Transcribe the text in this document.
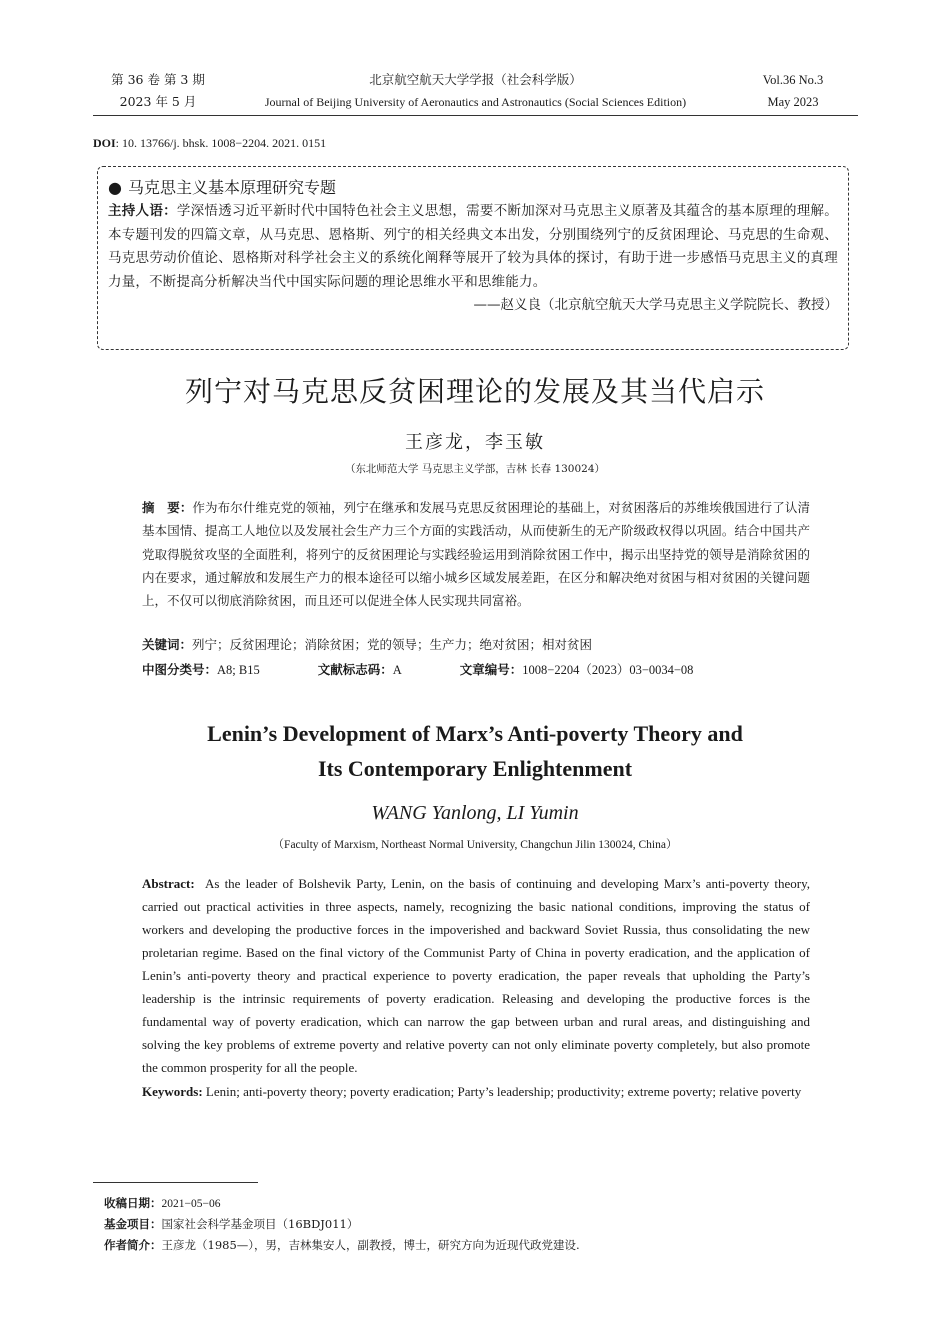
第 36 卷 第 3 期	北京航空航天大学学报（社会科学版）	Vol.36 No.3
2023 年 5 月	Journal of Beijing University of Aeronautics and Astronautics (Social Sciences Edition)	May 2023
DOI: 10. 13766/j. bhsk. 1008−2204. 2021. 0151
● 马克思主义基本原理研究专题
主持人语：学深悟透习近平新时代中国特色社会主义思想，需要不断加深对马克思主义原著及其蕴含的基本原理的理解。本专题刊发的四篇文章，从马克思、恩格斯、列宁的相关经典文本出发，分别围绕列宁的反贫困理论、马克思的生命观、马克思劳动价值论、恩格斯对科学社会主义的系统化阐释等展开了较为具体的探讨，有助于进一步感悟马克思主义的真理力量，不断提高分析解决当代中国实际问题的理论思维水平和思维能力。
——赵义良（北京航空航天大学马克思主义学院院长、教授）
列宁对马克思反贫困理论的发展及其当代启示
王彦龙，李玉敏
（东北师范大学 马克思主义学部，吉林 长春 130024）
摘　要：作为布尔什维克党的领袖，列宁在继承和发展马克思反贫困理论的基础上，对贫困落后的苏维埃俄国进行了认清基本国情、提高工人地位以及发展社会生产力三个方面的实践活动，从而使新生的无产阶级政权得以巩固。结合中国共产党取得脱贫攻坚的全面胜利，将列宁的反贫困理论与实践经验运用到消除贫困工作中，揭示出坚持党的领导是消除贫困的内在要求，通过解放和发展生产力的根本途径可以缩小城乡区域发展差距，在区分和解决绝对贫困与相对贫困的关键问题上，不仅可以彻底消除贫困，而且还可以促进全体人民实现共同富裕。
关键词：列宁；反贫困理论；消除贫困；党的领导；生产力；绝对贫困；相对贫困
中图分类号：A8; B15	文献标志码：A	文章编号：1008−2204（2023）03−0034−08
Lenin’s Development of Marx’s Anti-poverty Theory and
Its Contemporary Enlightenment
WANG Yanlong, LI Yumin
（Faculty of Marxism, Northeast Normal University, Changchun Jilin 130024, China）
Abstract: As the leader of Bolshevik Party, Lenin, on the basis of continuing and developing Marx’s anti-poverty theory, carried out practical activities in three aspects, namely, recognizing the basic national conditions, improving the status of workers and developing the productive forces in the impoverished and backward Soviet Russia, thus consolidating the new proletarian regime. Based on the final victory of the Communist Party of China in poverty eradication, and the application of Lenin’s anti-poverty theory and practical experience to poverty eradication, the paper reveals that upholding the Party’s leadership is the intrinsic requirements of poverty eradication. Releasing and developing the productive forces is the fundamental way of poverty eradication, which can narrow the gap between urban and rural areas, and distinguishing and solving the key problems of extreme poverty and relative poverty can not only eliminate poverty completely, but also promote the common prosperity for all the people.
Keywords: Lenin; anti-poverty theory; poverty eradication; Party’s leadership; productivity; extreme poverty; relative poverty
收稿日期：2021−05−06
基金项目：国家社会科学基金项目（16BDJ011）
作者简介：王彦龙（1985—），男，吉林集安人，副教授，博士，研究方向为近现代政党建设.
